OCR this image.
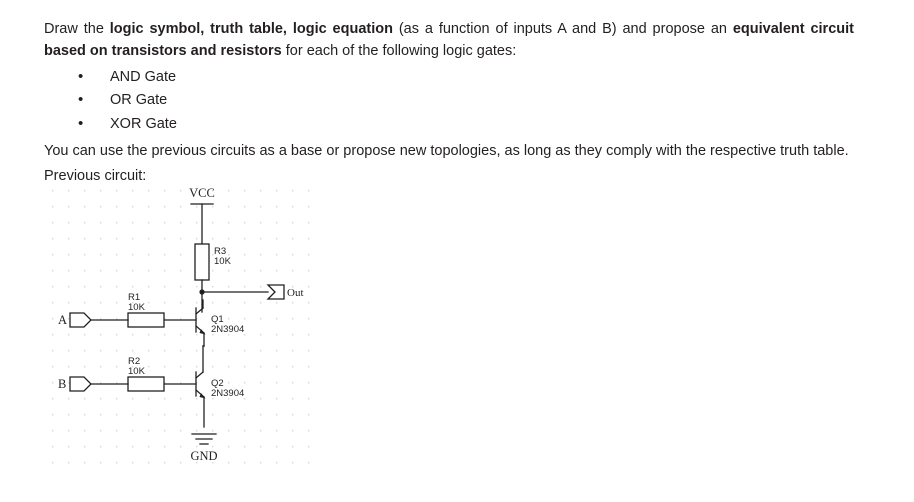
Draw the logic symbol, truth table, logic equation (as a function of inputs A and B) and propose an equivalent circuit based on transistors and resistors for each of the following logic gates:

• AND Gate
• OR Gate
• XOR Gate

You can use the previous circuits as a base or propose new topologies, as long as they comply with the respective truth table.

Previous circuit:

VCC
R3
10K
Out
Q1
2N3904
R1
10K
A
Q2
2N3904
R2
10K
B
GND
